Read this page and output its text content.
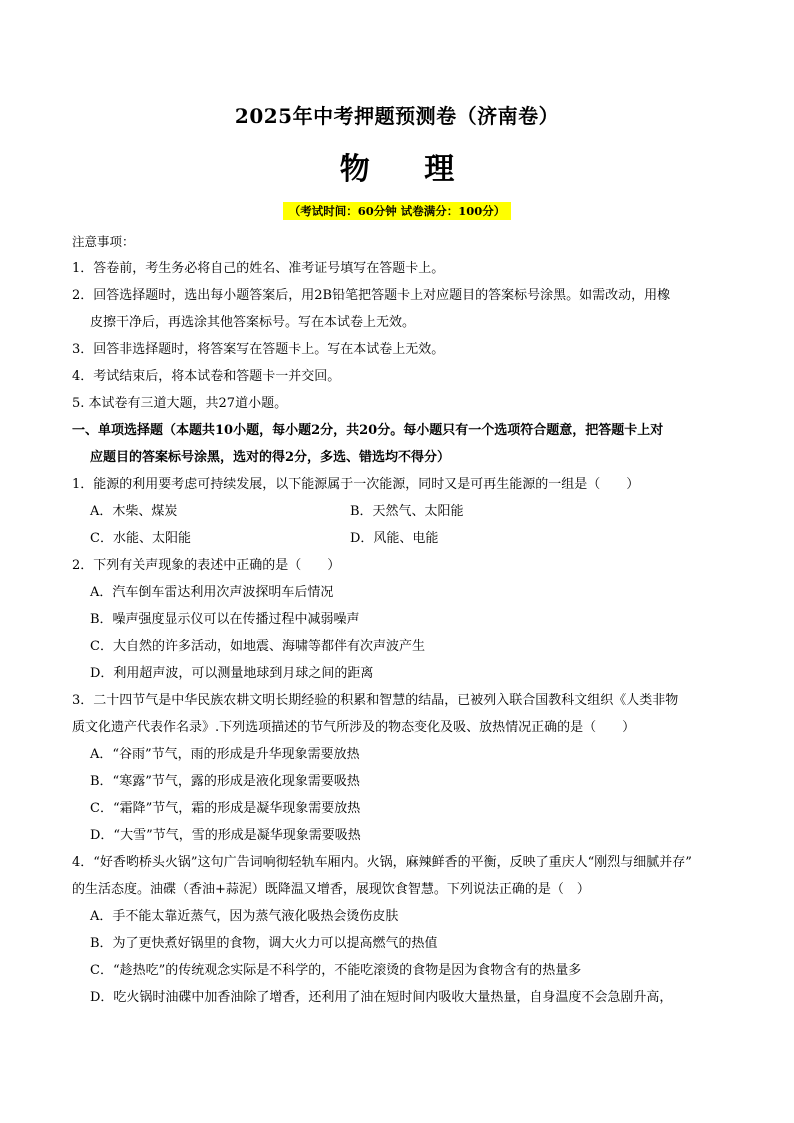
2025年中考押题预测卷（济南卷）
物 理
（考试时间：60分钟 试卷满分：100分）
注意事项：
1．答卷前，考生务必将自己的姓名、准考证号填写在答题卡上。
2．回答选择题时，选出每小题答案后，用2B铅笔把答题卡上对应题目的答案标号涂黑。如需改动，用橡
皮擦干净后，再选涂其他答案标号。写在本试卷上无效。
3．回答非选择题时，将答案写在答题卡上。写在本试卷上无效。
4．考试结束后，将本试卷和答题卡一并交回。
5. 本试卷有三道大题，共27道小题。
一、单项选择题（本题共10小题，每小题2分，共20分。每小题只有一个选项符合题意，把答题卡上对
应题目的答案标号涂黑，选对的得2分，多选、错选均不得分）
1．能源的利用要考虑可持续发展，以下能源属于一次能源，同时又是可再生能源的一组是（　　）
A．木柴、煤炭	B．天然气、太阳能
C．水能、太阳能	D．风能、电能
2．下列有关声现象的表述中正确的是（　　）
A．汽车倒车雷达利用次声波探明车后情况
B．噪声强度显示仪可以在传播过程中减弱噪声
C．大自然的许多活动，如地震、海啸等都伴有次声波产生
D．利用超声波，可以测量地球到月球之间的距离
3．二十四节气是中华民族农耕文明长期经验的积累和智慧的结晶，已被列入联合国教科文组织《人类非物
质文化遗产代表作名录》.下列选项描述的节气所涉及的物态变化及吸、放热情况正确的是（　　）
A．“谷雨”节气，雨的形成是升华现象需要放热
B．“寒露”节气，露的形成是液化现象需要吸热
C．“霜降”节气，霜的形成是凝华现象需要放热
D．“大雪”节气，雪的形成是凝华现象需要吸热
4．“好香哟桥头火锅”这句广告词响彻轻轨车厢内。火锅，麻辣鲜香的平衡，反映了重庆人“刚烈与细腻并存”
的生活态度。油碟（香油+蒜泥）既降温又增香，展现饮食智慧。下列说法正确的是（　）
A．手不能太靠近蒸气，因为蒸气液化吸热会烫伤皮肤
B．为了更快煮好锅里的食物，调大火力可以提高燃气的热值
C．“趁热吃”的传统观念实际是不科学的，不能吃滚烫的食物是因为食物含有的热量多
D．吃火锅时油碟中加香油除了增香，还利用了油在短时间内吸收大量热量，自身温度不会急剧升高，
